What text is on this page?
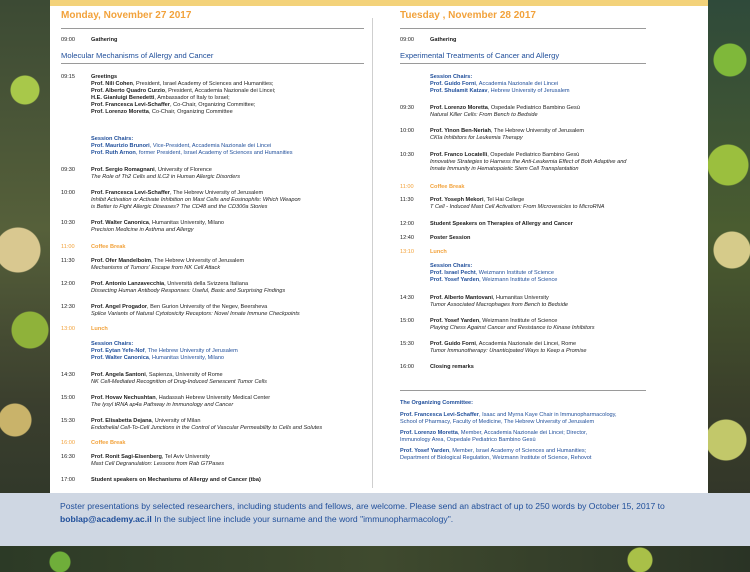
Monday, November 27 2017
09:00	Gathering
Molecular Mechanisms of Allergy and Cancer
09:15	Greetings
Prof. Nili Cohen, President, Israel Academy of Sciences and Humanities;
Prof. Alberto Quadro Curzio, President, Accademia Nazionale dei Lincei;
H.E. Gianluigi Benedetti, Ambassador of Italy to Israel;
Prof. Francesca Levi-Schaffer, Co-Chair, Organizing Committee;
Prof. Lorenzo Moretta, Co-Chair, Organizing Committee
Session Chairs:
Prof. Maurizio Brunori, Vice-President, Accademia Nazionale dei Lincei
Prof. Ruth Arnon, former President, Israel Academy of Sciences and Humanities
09:30	Prof. Sergio Romagnani, University of Florence
The Role of Th2 Cells and ILC2 in Human Allergic Disorders
10:00	Prof. Francesca Levi-Schaffer, The Hebrew University of Jerusalem
Inhibit Activation or Activate Inhibition on Mast Cells and Eosinophils: Which Weapon
is Better to Fight Allergic Diseases? The CD48 and the CD300a Stories
10:30	Prof. Walter Canonica, Humanitas University, Milano
Precision Medicine in Asthma and Allergy
11:00	Coffee Break
11:30	Prof. Ofer Mandelboim, The Hebrew University of Jerusalem
Mechanisms of Tumors' Escape from NK Cell Attack
12:00	Prof. Antonio Lanzavecchia, Università della Svizzera Italiana
Dissecting Human Antibody Responses: Useful, Basic and Surprising Findings
12:30	Prof. Angel Progador, Ben Gurion University of the Negev, Beersheva
Splice Variants of Natural Cytotoxicity Receptors: Novel Innate Immune Checkpoints
13:00	Lunch
Session Chairs:
Prof. Eytan Yefe-Nof, The Hebrew University of Jerusalem
Prof. Walter Canonica, Humanitas University, Milano
14:30	Prof. Angela Santoni, Sapienza, University of Rome
NK Cell-Mediated Recognition of Drug-Induced Senescent Tumor Cells
15:00	Prof. Hovav Nechushtan, Hadassah Hebrew University Medical Center
The lysyl tRNA ap4a Pathway in Immunology and Cancer
15:30	Prof. Elisabetta Dejana, University of Milan
Endothelial Cell-To-Cell Junctions in the Control of Vascular Permeability to Cells and Solutes
16:00	Coffee Break
16:30	Prof. Ronit Sagi-Eisenberg, Tel Aviv University
Mast Cell Degranulation: Lessons from Rab GTPases
17:00	Student speakers on Mechanisms of Allergy and of Cancer (tba)
Tuesday , November 28 2017
09:00	Gathering
Experimental Treatments of Cancer and Allergy
Session Chairs:
Prof. Guido Forni, Accademia Nazionale dei Lincei
Prof. Shulamit Katzav, Hebrew University of Jerusalem
09:30	Prof. Lorenzo Moretta, Ospedale Pediatrico Bambino Gesù
Natural Killer Cells: From Bench to Bedside
10:00	Prof. Yinon Ben-Neriah, The Hebrew University of Jerusalem
CKIa Inhibitors for Leukemia Therapy
10:30	Prof. Franco Locatelli, Ospedale Pediatrico Bambino Gesù
Innovative Strategies to Harness the Anti-Leukemia Effect of Both Adaptive and
Innate Immunity in Hematopoietic Stem Cell Transplantation
11:00	Coffee Break
11:30	Prof. Yoseph Mekori, Tel Hai College
T Cell - Induced Mast Cell Activation: From Microvesicles to MicroRNA
12:00	Student Speakers on Therapies of Allergy and Cancer
12:40	Poster Session
13:10	Lunch
Session Chairs:
Prof. Israel Pecht, Weizmann Institute of Science
Prof. Yosef Yarden, Weizmann Institute of Science
14:30	Prof. Alberto Mantovani, Humanitas University
Tumor Associated Macrophages from Bench to Bedside
15:00	Prof. Yosef Yarden, Weizmann Institute of Science
Playing Chess Against Cancer and Resistance to Kinase Inhibitors
15:30	Prof. Guido Forni, Accademia Nazionale dei Lincei, Rome
Tumor Immunotherapy: Unanticipated Ways to Keep a Promise
16:00	Closing remarks
The Organizing Committee:
Prof. Francesca Levi-Schaffer, Isaac and Myrna Kaye Chair in Immunopharmacology,
School of Pharmacy, Faculty of Medicine, The Hebrew University of Jerusalem
Prof. Lorenzo Moretta, Member, Accademia Nazionale dei Lincei; Director,
Immunology Area, Ospedale Pediatrico Bambino Gesù
Prof. Yosef Yarden, Member, Israel Academy of Sciences and Humanities;
Department of Biological Regulation, Weizmann Institute of Science, Rehovot
Poster presentations by selected researchers, including students and fellows, are welcome. Please send an abstract of up to 250 words by October 15, 2017 to boblap@academy.ac.il In the subject line include your surname and the word "immunopharmacology".
